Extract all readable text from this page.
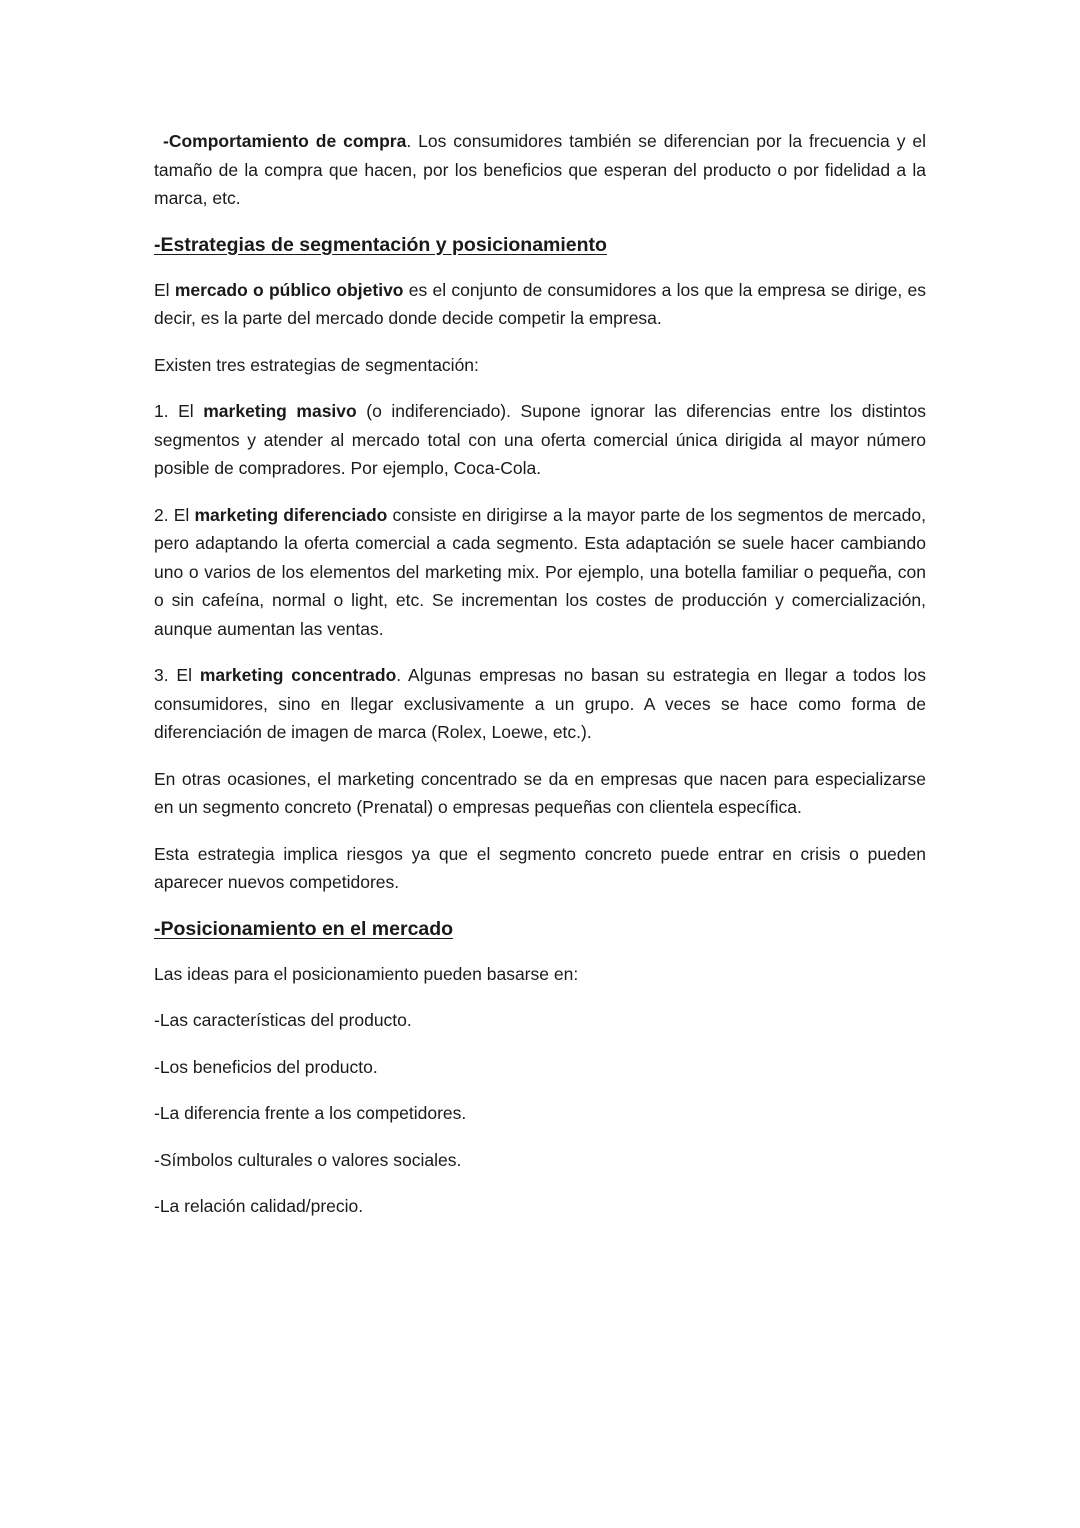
-Comportamiento de compra. Los consumidores también se diferencian por la frecuencia y el tamaño de la compra que hacen, por los beneficios que esperan del producto o por fidelidad a la marca, etc.

-Estrategias de segmentación y posicionamiento

El mercado o público objetivo es el conjunto de consumidores a los que la empresa se dirige, es decir, es la parte del mercado donde decide competir la empresa.

Existen tres estrategias de segmentación:

1. El marketing masivo (o indiferenciado). Supone ignorar las diferencias entre los distintos segmentos y atender al mercado total con una oferta comercial única dirigida al mayor número posible de compradores. Por ejemplo, Coca-Cola.

2. El marketing diferenciado consiste en dirigirse a la mayor parte de los segmentos de mercado, pero adaptando la oferta comercial a cada segmento. Esta adaptación se suele hacer cambiando uno o varios de los elementos del marketing mix. Por ejemplo, una botella familiar o pequeña, con o sin cafeína, normal o light, etc. Se incrementan los costes de producción y comercialización, aunque aumentan las ventas.

3. El marketing concentrado. Algunas empresas no basan su estrategia en llegar a todos los consumidores, sino en llegar exclusivamente a un grupo. A veces se hace como forma de diferenciación de imagen de marca (Rolex, Loewe, etc.).

En otras ocasiones, el marketing concentrado se da en empresas que nacen para especializarse en un segmento concreto (Prenatal) o empresas pequeñas con clientela específica.

Esta estrategia implica riesgos ya que el segmento concreto puede entrar en crisis o pueden aparecer nuevos competidores.

-Posicionamiento en el mercado

Las ideas para el posicionamiento pueden basarse en:

-Las características del producto.

-Los beneficios del producto.

-La diferencia frente a los competidores.

-Símbolos culturales o valores sociales.

-La relación calidad/precio.
